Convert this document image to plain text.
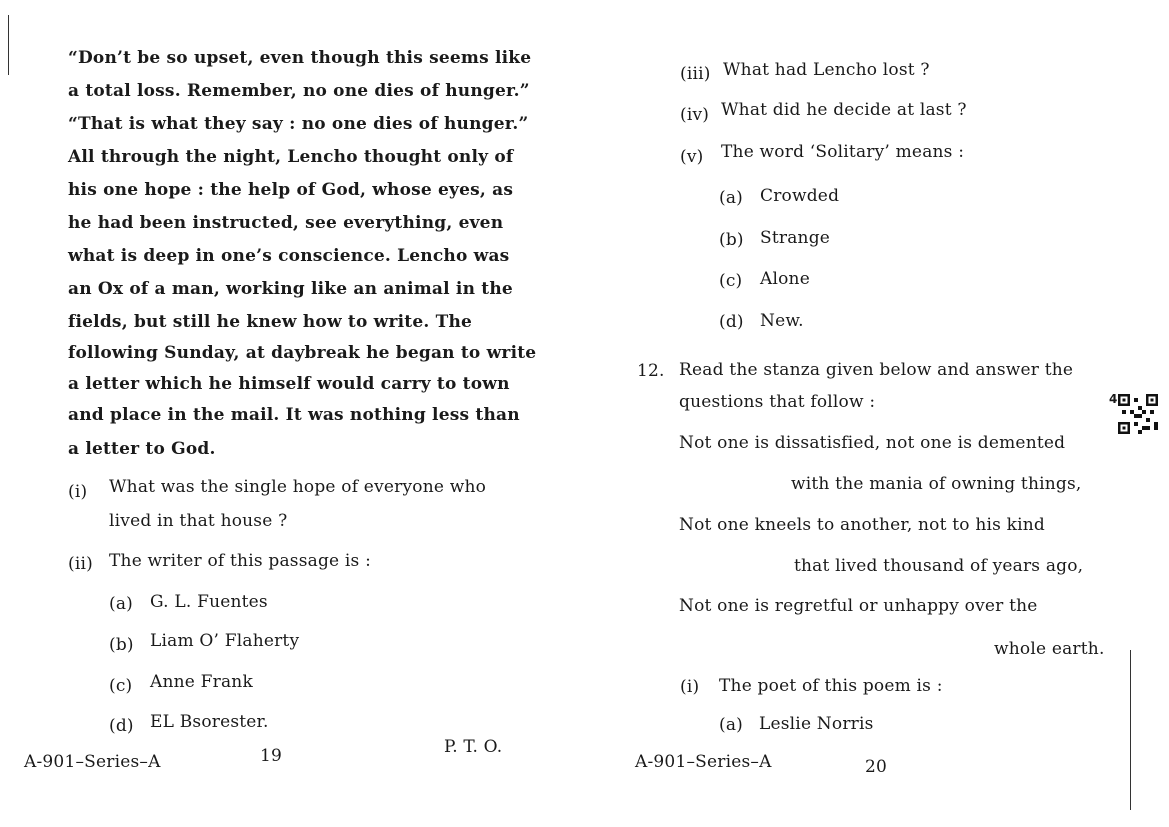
“Don’t be so upset, even though this seems like
a total loss. Remember, no one dies of hunger.”
“That is what they say : no one dies of hunger.”
All through the night, Lencho thought only of
his one hope : the help of God, whose eyes, as
he had been instructed, see everything, even
what is deep in one’s conscience. Lencho was
an Ox of a man, working like an animal in the
fields, but still he knew how to write. The
following Sunday, at daybreak he began to write
a letter which he himself would carry to town
and place in the mail. It was nothing less than
a letter to God.
(i) What was the single hope of everyone who
lived in that house ?
(ii) The writer of this passage is :
(a) G. L. Fuentes
(b) Liam O’ Flaherty
(c) Anne Frank
(d) EL Bsorester.
A-901–Series–A	19	P. T. O.
(iii) What had Lencho lost ?
(iv) What did he decide at last ?
(v) The word ‘Solitary’ means :
(a) Crowded
(b) Strange
(c) Alone
(d) New.
12. Read the stanza given below and answer the
questions that follow :	4
Not one is dissatisfied, not one is demented
with the mania of owning things,
Not one kneels to another, not to his kind
that lived thousand of years ago,
Not one is regretful or unhappy over the
whole earth.
(i) The poet of this poem is :
(a) Leslie Norris
A-901–Series–A	20
